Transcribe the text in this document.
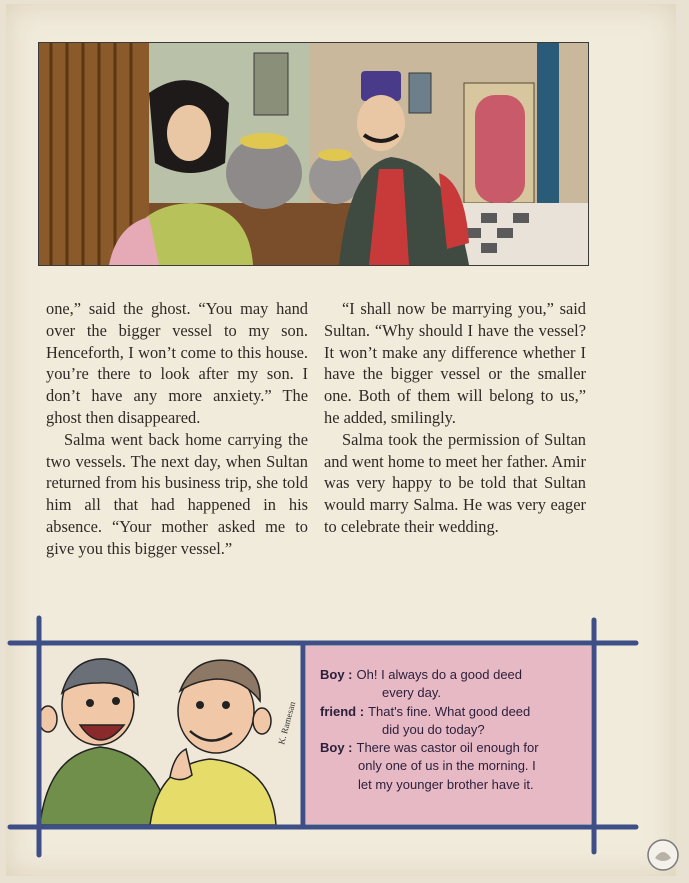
one,” said the ghost. “You may hand over the bigger vessel to my son. Henceforth, I won’t come to this house. you’re there to look after my son. I don’t have any more anxiety.” The ghost then disappeared.

Salma went back home carrying the two vessels. The next day, when Sultan returned from his business trip, she told him all that had happened in his absence. “Your mother asked me to give you this bigger vessel.”

“I shall now be marrying you,” said Sultan. “Why should I have the vessel? It won’t make any difference whether I have the bigger vessel or the smaller one. Both of them will belong to us,” he added, smilingly.

Salma took the permission of Sultan and went home to meet her father. Amir was very happy to be told that Sultan would marry Salma. He was very eager to celebrate their wedding.

K. Ramesan
Boy : Oh! I always do a good deed
every day.
friend : That's fine. What good deed
did you do today?
Boy : There was castor oil enough for
only one of us in the morning. I
let my younger brother have it.
